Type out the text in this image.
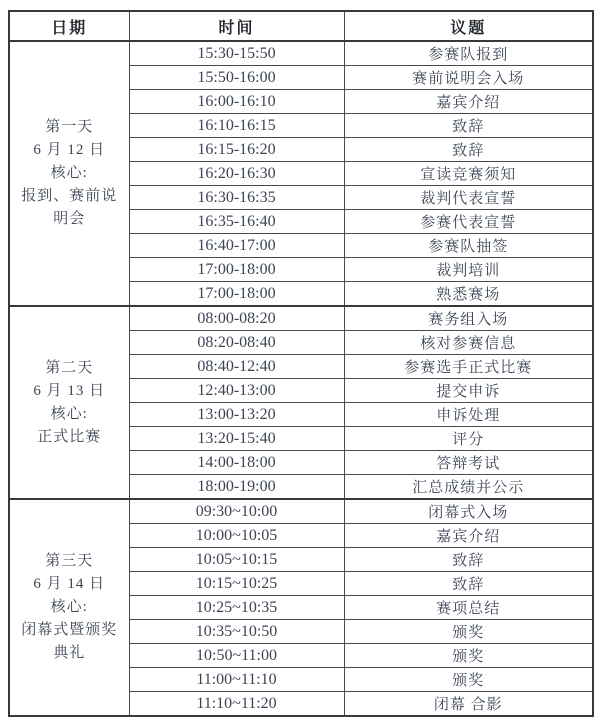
日期	时间	议题

第一天
6 月 12 日
核心:
报到、赛前说
明会	15:30-15:50	参赛队报到
	15:50-16:00	赛前说明会入场
	16:00-16:10	嘉宾介绍
	16:10-16:15	致辞
	16:15-16:20	致辞
	16:20-16:30	宣读竞赛须知
	16:30-16:35	裁判代表宣誓
	16:35-16:40	参赛代表宣誓
	16:40-17:00	参赛队抽签
	17:00-18:00	裁判培训
	17:00-18:00	熟悉赛场

第二天
6 月 13 日
核心:
正式比赛	08:00-08:20	赛务组入场
	08:20-08:40	核对参赛信息
	08:40-12:40	参赛选手正式比赛
	12:40-13:00	提交申诉
	13:00-13:20	申诉处理
	13:20-15:40	评分
	14:00-18:00	答辩考试
	18:00-19:00	汇总成绩并公示

第三天
6 月 14 日
核心:
闭幕式暨颁奖
典礼	09:30~10:00	闭幕式入场
	10:00~10:05	嘉宾介绍
	10:05~10:15	致辞
	10:15~10:25	致辞
	10:25~10:35	赛项总结
	10:35~10:50	颁奖
	10:50~11:00	颁奖
	11:00~11:10	颁奖
	11:10~11:20	闭幕 合影
